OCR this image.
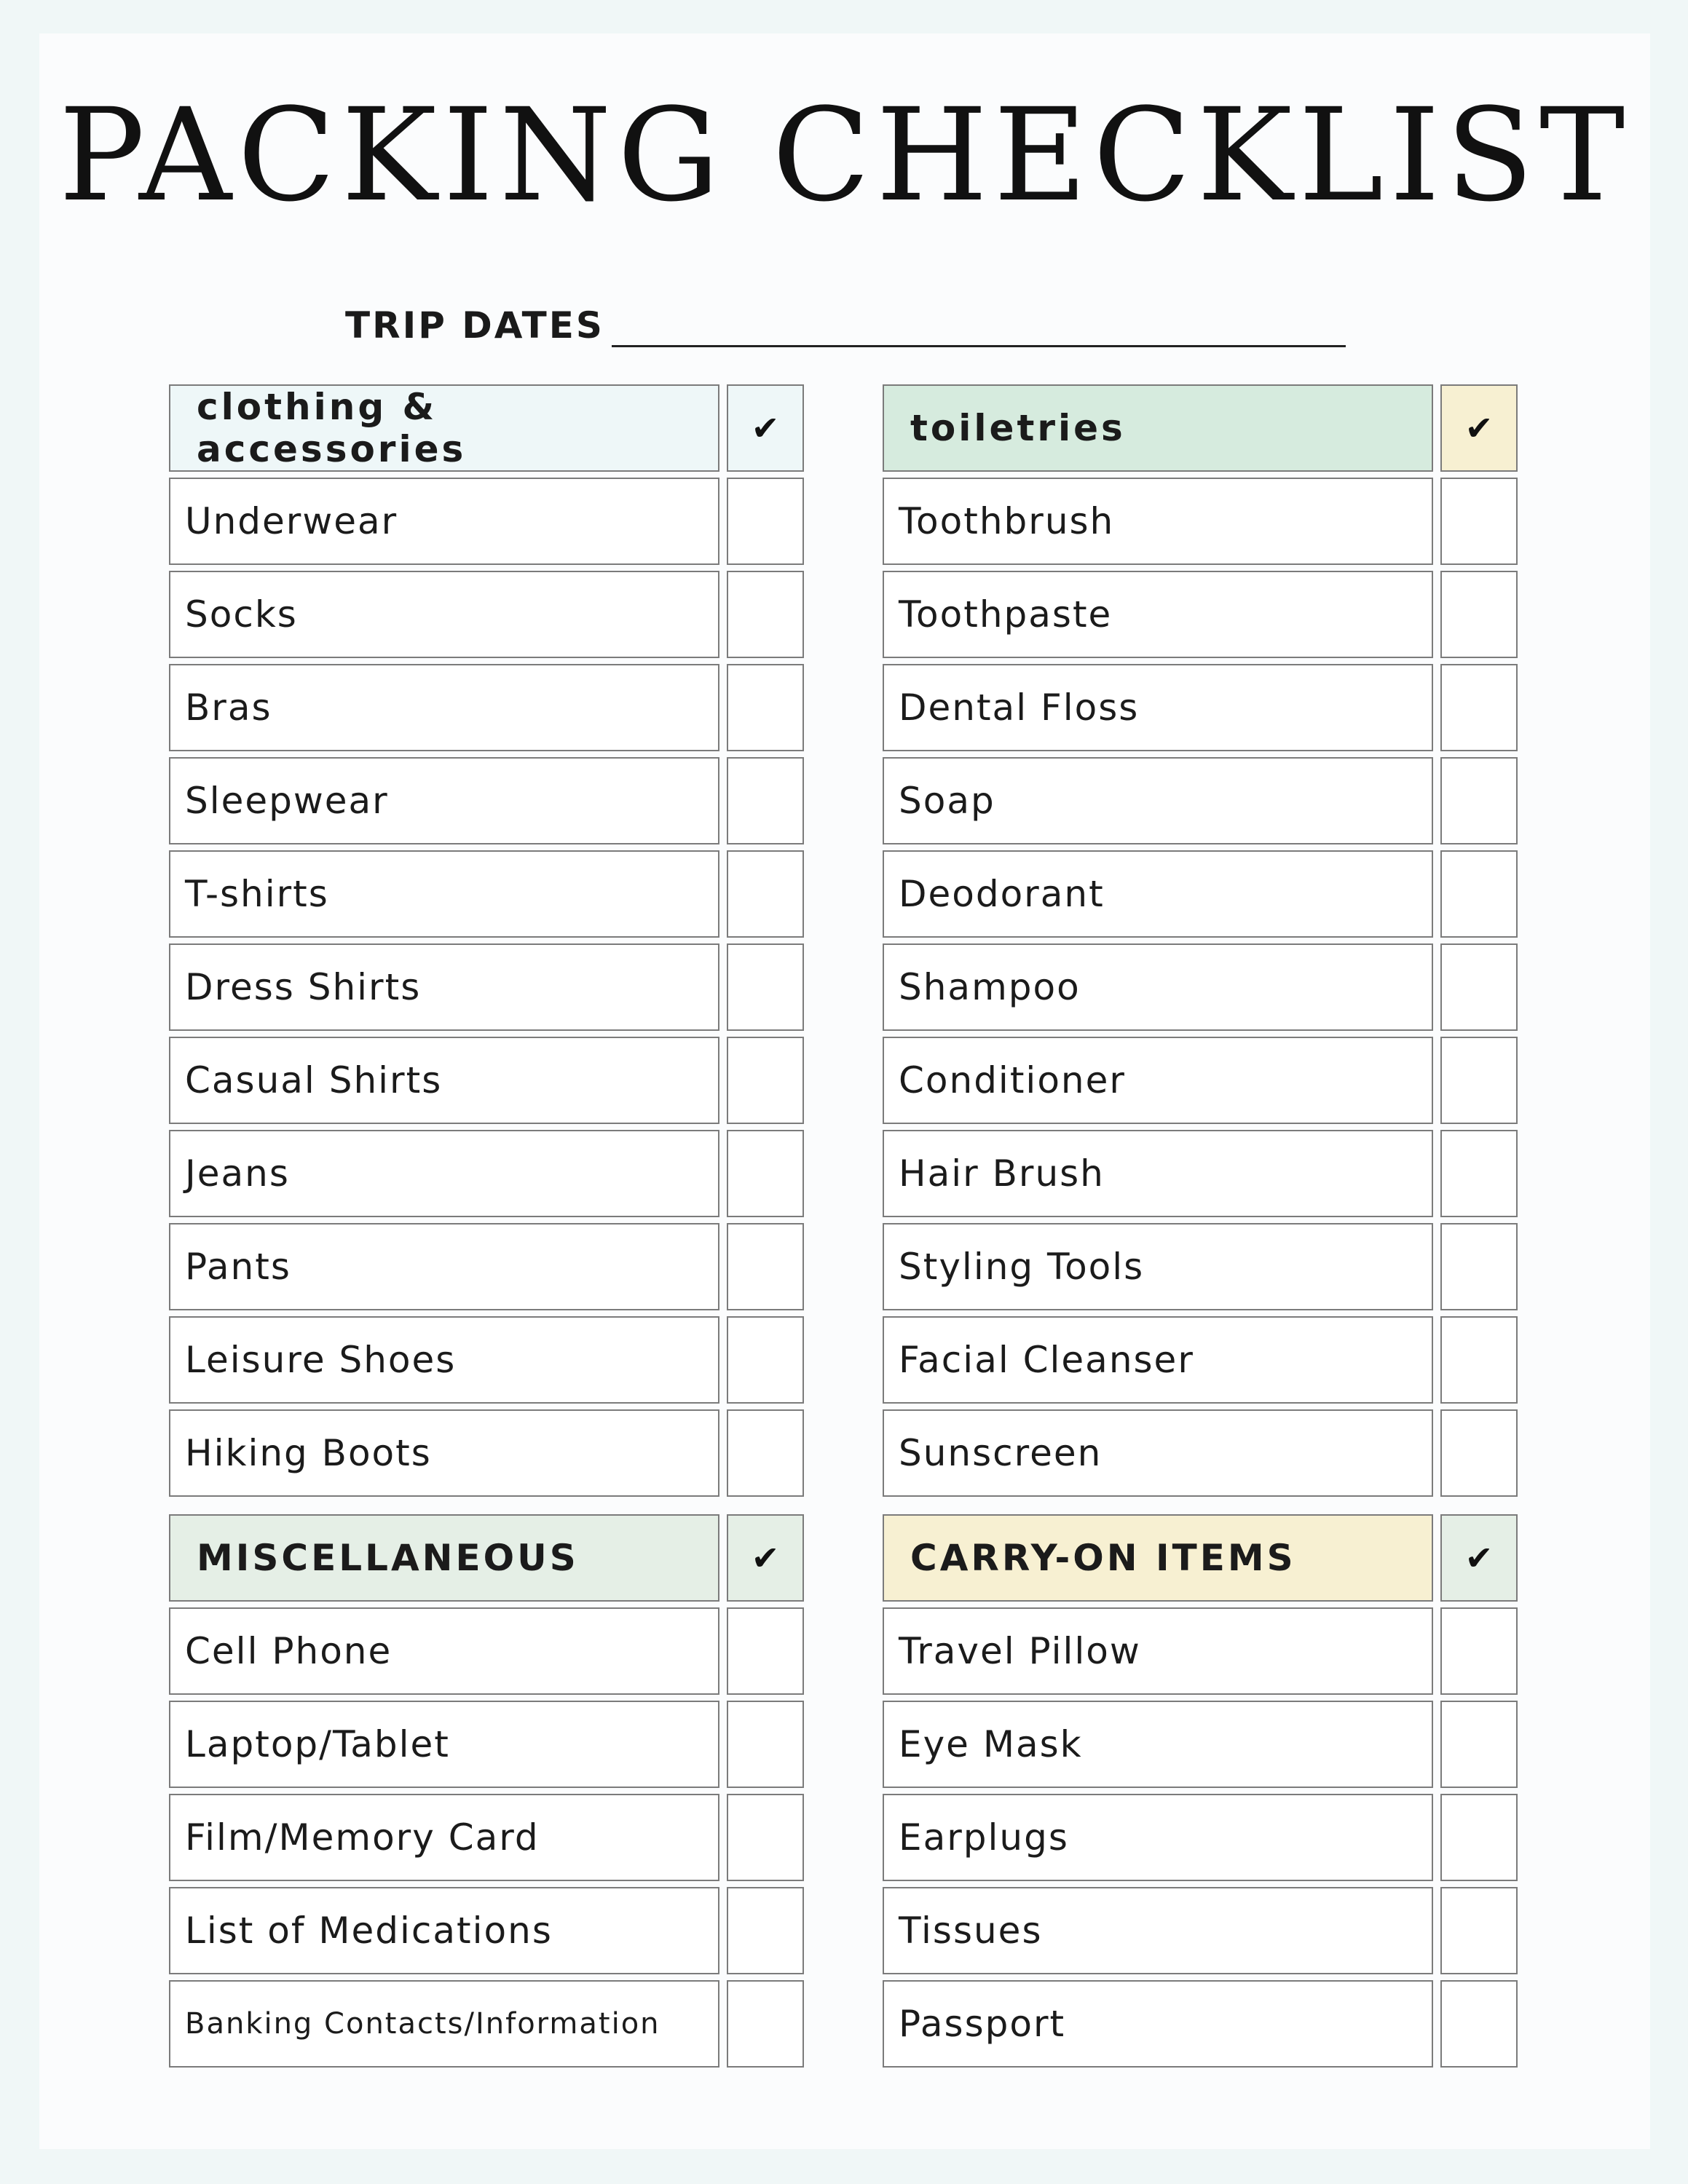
PACKING CHECKLIST
TRIP DATES
clothing & accessories	✔
Underwear
Socks
Bras
Sleepwear
T-shirts
Dress Shirts
Casual Shirts
Jeans
Pants
Leisure Shoes
Hiking Boots
toiletries	✔
Toothbrush
Toothpaste
Dental Floss
Soap
Deodorant
Shampoo
Conditioner
Hair Brush
Styling Tools
Facial Cleanser
Sunscreen
MISCELLANEOUS	✔
Cell Phone
Laptop/Tablet
Film/Memory Card
List of Medications
Banking Contacts/Information
CARRY-ON ITEMS	✔
Travel Pillow
Eye Mask
Earplugs
Tissues
Passport
